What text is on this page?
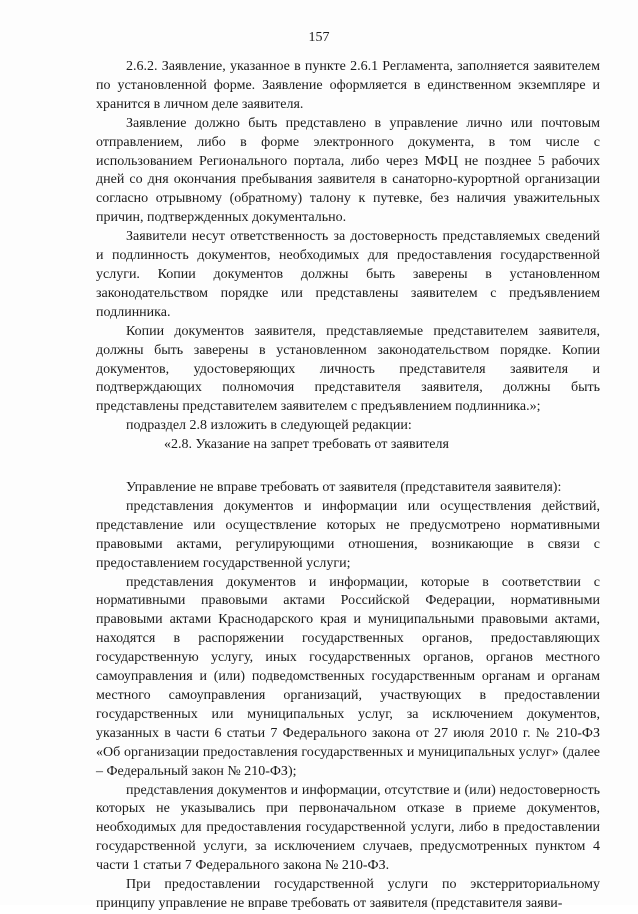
157

2.6.2. Заявление, указанное в пункте 2.6.1 Регламента, заполняется заявителем по установленной форме. Заявление оформляется в единственном экземпляре и хранится в личном деле заявителя.

Заявление должно быть представлено в управление лично или почтовым отправлением, либо в форме электронного документа, в том числе с использованием Регионального портала, либо через МФЦ не позднее 5 рабочих дней со дня окончания пребывания заявителя в санаторно-курортной организации согласно отрывному (обратному) талону к путевке, без наличия уважительных причин, подтвержденных документально.

Заявители несут ответственность за достоверность представляемых сведений и подлинность документов, необходимых для предоставления государственной услуги. Копии документов должны быть заверены в установленном законодательством порядке или представлены заявителем с предъявлением подлинника.

Копии документов заявителя, представляемые представителем заявителя, должны быть заверены в установленном законодательством порядке. Копии документов, удостоверяющих личность представителя заявителя и подтверждающих полномочия представителя заявителя, должны быть представлены представителем заявителем с предъявлением подлинника.»;

подраздел 2.8 изложить в следующей редакции:

«2.8. Указание на запрет требовать от заявителя

Управление не вправе требовать от заявителя (представителя заявителя):

представления документов и информации или осуществления действий, представление или осуществление которых не предусмотрено нормативными правовыми актами, регулирующими отношения, возникающие в связи с предоставлением государственной услуги;

представления документов и информации, которые в соответствии с нормативными правовыми актами Российской Федерации, нормативными правовыми актами Краснодарского края и муниципальными правовыми актами, находятся в распоряжении государственных органов, предоставляющих государственную услугу, иных государственных органов, органов местного самоуправления и (или) подведомственных государственным органам и органам местного самоуправления организаций, участвующих в предоставлении государственных или муниципальных услуг, за исключением документов, указанных в части 6 статьи 7 Федерального закона от 27 июля 2010 г. № 210-ФЗ «Об организации предоставления государственных и муниципальных услуг» (далее – Федеральный закон № 210-ФЗ);

представления документов и информации, отсутствие и (или) недостоверность которых не указывались при первоначальном отказе в приеме документов, необходимых для предоставления государственной услуги, либо в предоставлении государственной услуги, за исключением случаев, предусмотренных пунктом 4 части 1 статьи 7 Федерального закона № 210-ФЗ.

При предоставлении государственной услуги по экстерриториальному принципу управление не вправе требовать от заявителя (представителя заяви-
